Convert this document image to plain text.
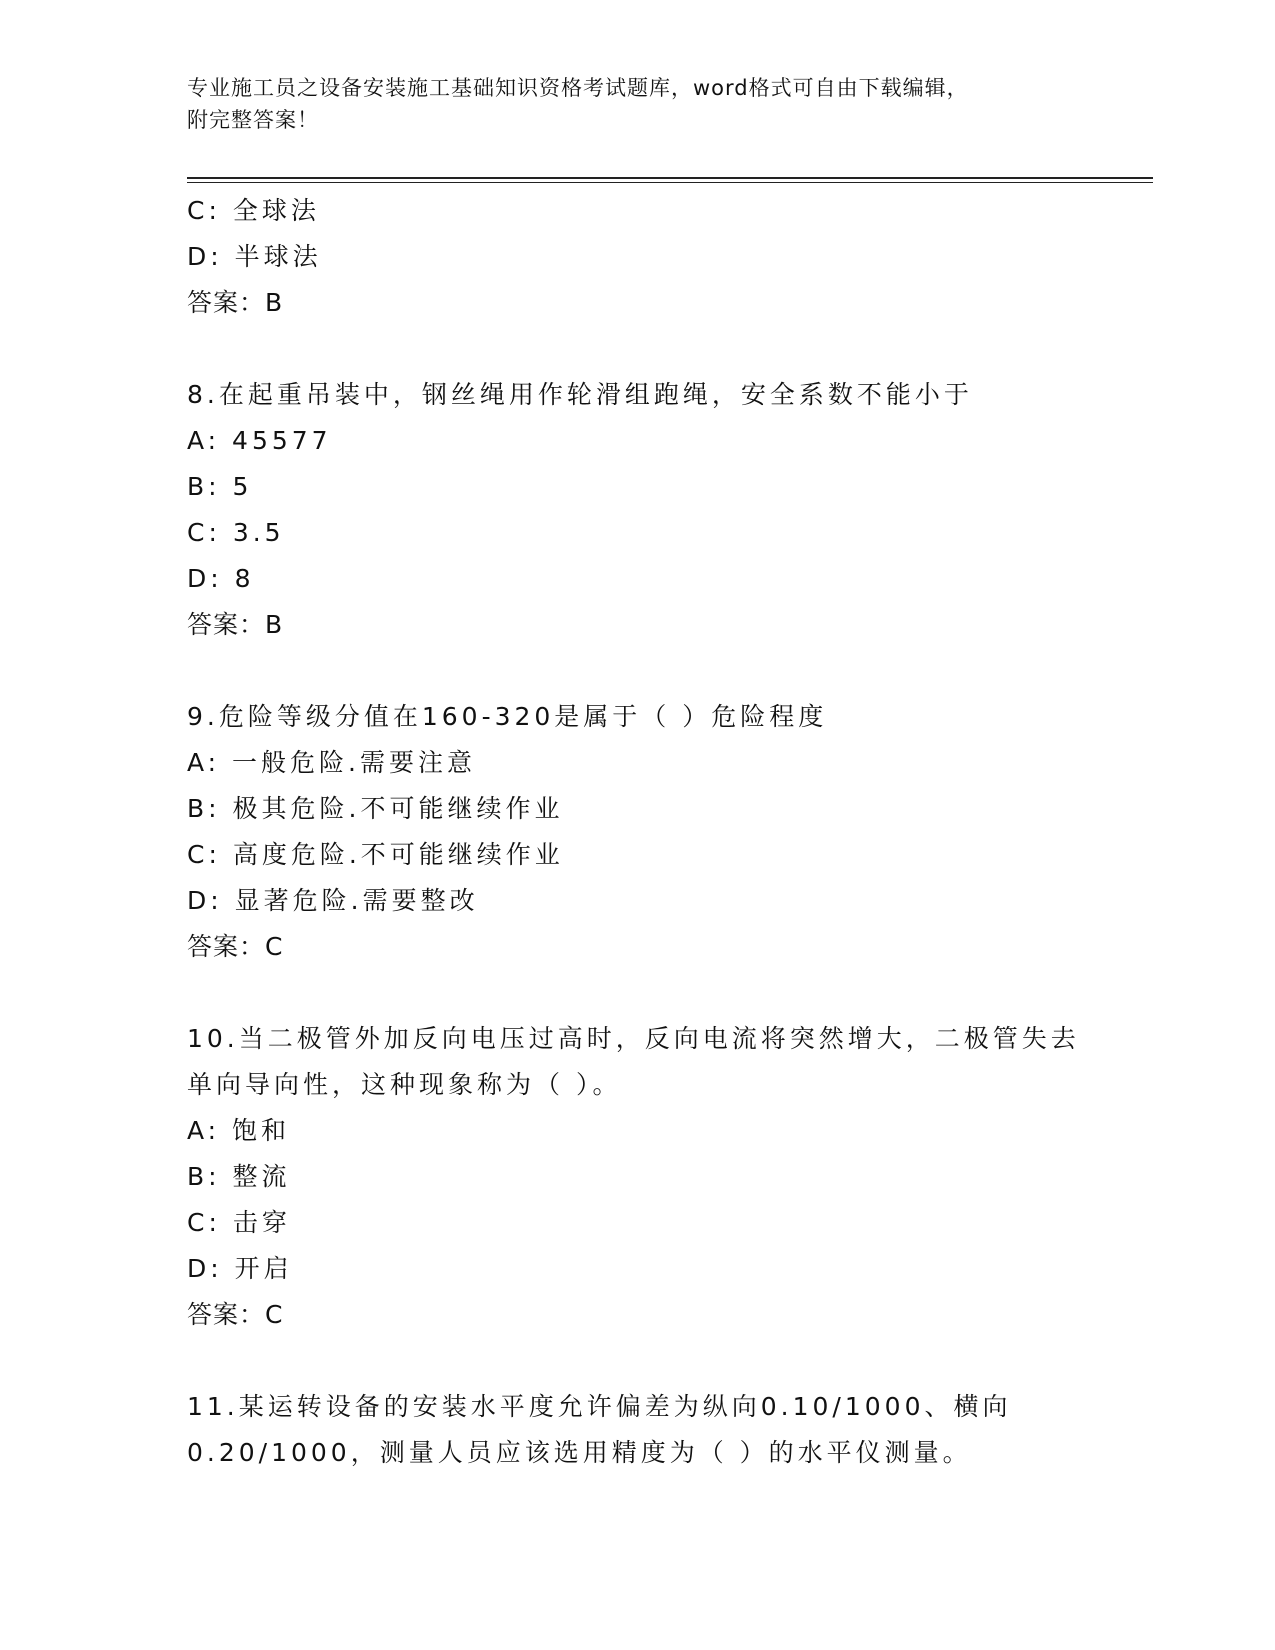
专业施工员之设备安装施工基础知识资格考试题库，word格式可自由下载编辑，
附完整答案！
C: 全球法
D: 半球法
答案：B
8.在起重吊装中，钢丝绳用作轮滑组跑绳，安全系数不能小于
A: 45577
B: 5
C: 3.5
D: 8
答案：B
9.危险等级分值在160-320是属于（ ）危险程度
A: 一般危险.需要注意
B: 极其危险.不可能继续作业
C: 高度危险.不可能继续作业
D: 显著危险.需要整改
答案：C
10.当二极管外加反向电压过高时，反向电流将突然增大，二极管失去
单向导向性，这种现象称为（ ）。
A: 饱和
B: 整流
C: 击穿
D: 开启
答案：C
11.某运转设备的安装水平度允许偏差为纵向0.10/1000、横向
0.20/1000，测量人员应该选用精度为（ ）的水平仪测量。
